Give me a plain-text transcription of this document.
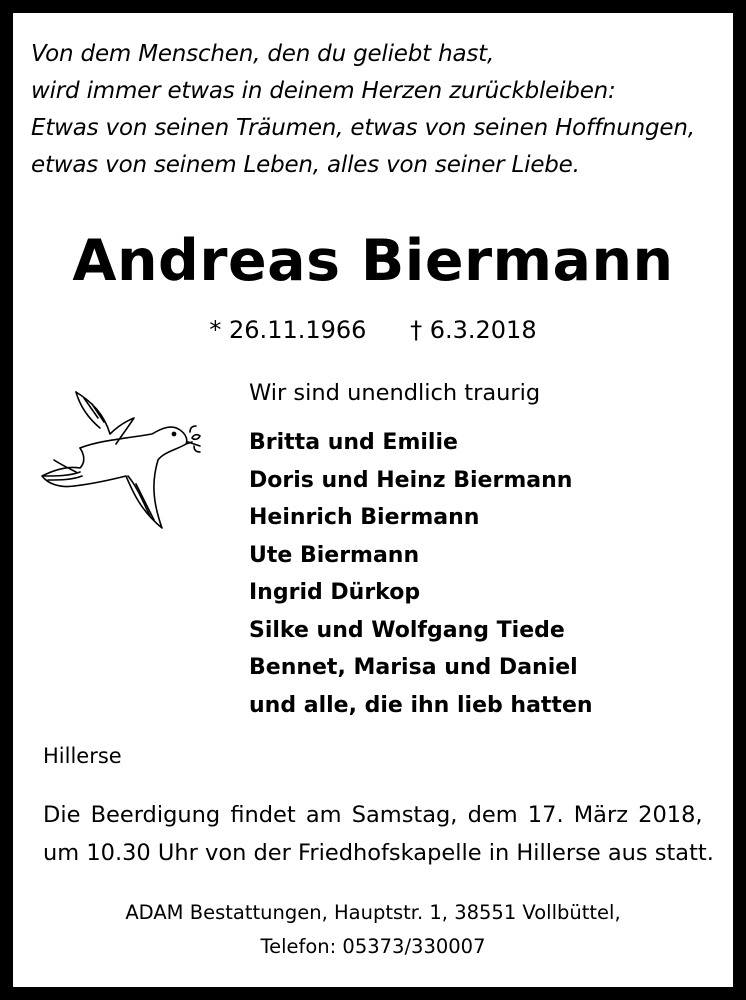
Von dem Menschen, den du geliebt hast,
wird immer etwas in deinem Herzen zurückbleiben:
Etwas von seinen Träumen, etwas von seinen Hoffnungen,
etwas von seinem Leben, alles von seiner Liebe.
Andreas Biermann
* 26.11.1966 † 6.3.2018
Wir sind unendlich traurig
Britta und Emilie
Doris und Heinz Biermann
Heinrich Biermann
Ute Biermann
Ingrid Dürkop
Silke und Wolfgang Tiede
Bennet, Marisa und Daniel
und alle, die ihn lieb hatten
Hillerse
Die Beerdigung findet am Samstag, dem 17. März 2018,
um 10.30 Uhr von der Friedhofskapelle in Hillerse aus statt.
ADAM Bestattungen, Hauptstr. 1, 38551 Vollbüttel,
Telefon: 05373/330007
